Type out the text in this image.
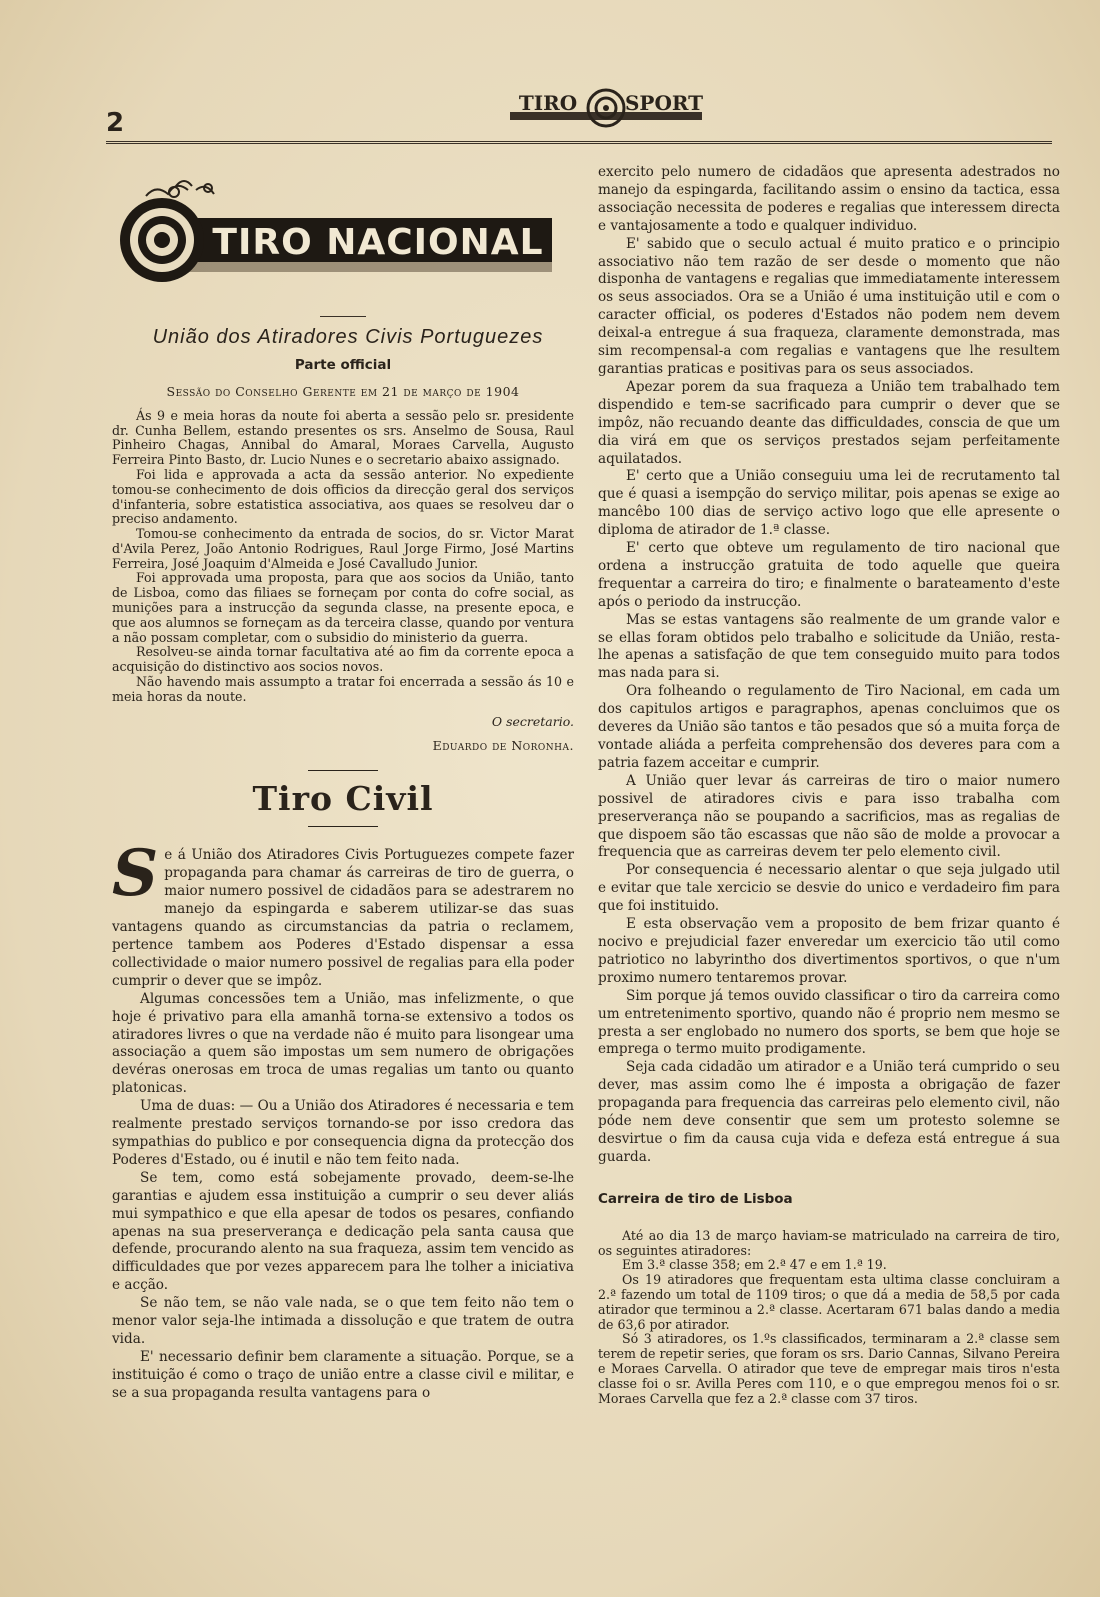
2
TIRO SPORT
TIRO NACIONAL
União dos Atiradores Civis Portuguezes
Parte official
Sessão do Conselho Gerente em 21 de março de 1904

Ás 9 e meia horas da noute foi aberta a sessão pelo sr. presidente dr. Cunha Bellem, estando presentes os srs. Anselmo de Sousa, Raul Pinheiro Chagas, Annibal do Amaral, Moraes Carvella, Augusto Ferreira Pinto Basto, dr. Lucio Nunes e o secretario abaixo assignado.

Foi lida e approvada a acta da sessão anterior. No expediente tomou-se conhecimento de dois officios da direcção geral dos serviços d'infanteria, sobre estatistica associativa, aos quaes se resolveu dar o preciso andamento.

Tomou-se conhecimento da entrada de socios, do sr. Victor Marat d'Avila Perez, João Antonio Rodrigues, Raul Jorge Firmo, José Martins Ferreira, José Joaquim d'Almeida e José Cavalludo Junior.

Foi approvada uma proposta, para que aos socios da União, tanto de Lisboa, como das filiaes se forneçam por conta do cofre social, as munições para a instrucção da segunda classe, na presente epoca, e que aos alumnos se forneçam as da terceira classe, quando por ventura a não possam completar, com o subsidio do ministerio da guerra.

Resolveu-se ainda tornar facultativa até ao fim da corrente epoca a acquisição do distinctivo aos socios novos.

Não havendo mais assumpto a tratar foi encerrada a sessão ás 10 e meia horas da noute.

O secretario.
Eduardo de Noronha.
Tiro Civil

Se á União dos Atiradores Civis Portuguezes compete fazer propaganda para chamar ás carreiras de tiro de guerra, o maior numero possivel de cidadãos para se adestrarem no manejo da espingarda e saberem utilizar-se das suas vantagens quando as circumstancias da patria o reclamem, pertence tambem aos Poderes d'Estado dispensar a essa collectividade o maior numero possivel de regalias para ella poder cumprir o dever que se impôz.

Algumas concessões tem a União, mas infelizmente, o que hoje é privativo para ella amanhã torna-se extensivo a todos os atiradores livres o que na verdade não é muito para lisongear uma associação a quem são impostas um sem numero de obrigações devéras onerosas em troca de umas regalias um tanto ou quanto platonicas.

Uma de duas: — Ou a União dos Atiradores é necessaria e tem realmente prestado serviços tornando-se por isso credora das sympathias do publico e por consequencia digna da protecção dos Poderes d'Estado, ou é inutil e não tem feito nada.

Se tem, como está sobejamente provado, deem-se-lhe garantias e ajudem essa instituição a cumprir o seu dever aliás mui sympathico e que ella apesar de todos os pesares, confiando apenas na sua preserverança e dedicação pela santa causa que defende, procurando alento na sua fraqueza, assim tem vencido as difficuldades que por vezes apparecem para lhe tolher a iniciativa e acção.

Se não tem, se não vale nada, se o que tem feito não tem o menor valor seja-lhe intimada a dissolução e que tratem de outra vida.

E' necessario definir bem claramente a situação. Porque, se a instituição é como o traço de união entre a classe civil e militar, e se a sua propaganda resulta vantagens para o

exercito pelo numero de cidadãos que apresenta adestrados no manejo da espingarda, facilitando assim o ensino da tactica, essa associação necessita de poderes e regalias que interessem directa e vantajosamente a todo e qualquer individuo.

E' sabido que o seculo actual é muito pratico e o principio associativo não tem razão de ser desde o momento que não disponha de vantagens e regalias que immediatamente interessem os seus associados. Ora se a União é uma instituição util e com o caracter official, os poderes d'Estados não podem nem devem deixal-a entregue á sua fraqueza, claramente demonstrada, mas sim recompensal-a com regalias e vantagens que lhe resultem garantias praticas e positivas para os seus associados.

Apezar porem da sua fraqueza a União tem trabalhado tem dispendido e tem-se sacrificado para cumprir o dever que se impôz, não recuando deante das difficuldades, conscia de que um dia virá em que os serviços prestados sejam perfeitamente aquilatados.

E' certo que a União conseguiu uma lei de recrutamento tal que é quasi a isempção do serviço militar, pois apenas se exige ao mancêbo 100 dias de serviço activo logo que elle apresente o diploma de atirador de 1.ª classe.

E' certo que obteve um regulamento de tiro nacional que ordena a instrucção gratuita de todo aquelle que queira frequentar a carreira do tiro; e finalmente o barateamento d'este após o periodo da instrucção.

Mas se estas vantagens são realmente de um grande valor e se ellas foram obtidos pelo trabalho e solicitude da União, resta-lhe apenas a satisfação de que tem conseguido muito para todos mas nada para si.

Ora folheando o regulamento de Tiro Nacional, em cada um dos capitulos artigos e paragraphos, apenas concluimos que os deveres da União são tantos e tão pesados que só a muita força de vontade aliáda a perfeita comprehensão dos deveres para com a patria fazem acceitar e cumprir.

A União quer levar ás carreiras de tiro o maior numero possivel de atiradores civis e para isso trabalha com preserverança não se poupando a sacrificios, mas as regalias de que dispoem são tão escassas que não são de molde a provocar a frequencia que as carreiras devem ter pelo elemento civil.

Por consequencia é necessario alentar o que seja julgado util e evitar que tale xercicio se desvie do unico e verdadeiro fim para que foi instituido.

E esta observação vem a proposito de bem frizar quanto é nocivo e prejudicial fazer enveredar um exercicio tão util como patriotico no labyrintho dos divertimentos sportivos, o que n'um proximo numero tentaremos provar.

Sim porque já temos ouvido classificar o tiro da carreira como um entretenimento sportivo, quando não é proprio nem mesmo se presta a ser englobado no numero dos sports, se bem que hoje se emprega o termo muito prodigamente.

Seja cada cidadão um atirador e a União terá cumprido o seu dever, mas assim como lhe é imposta a obrigação de fazer propaganda para frequencia das carreiras pelo elemento civil, não póde nem deve consentir que sem um protesto solemne se desvirtue o fim da causa cuja vida e defeza está entregue á sua guarda.

Carreira de tiro de Lisboa

Até ao dia 13 de março haviam-se matriculado na carreira de tiro, os seguintes atiradores:

Em 3.ª classe 358; em 2.ª 47 e em 1.ª 19.

Os 19 atiradores que frequentam esta ultima classe concluiram a 2.ª fazendo um total de 1109 tiros; o que dá a media de 58,5 por cada atirador que terminou a 2.ª classe. Acertaram 671 balas dando a media de 63,6 por atirador.

Só 3 atiradores, os 1.ºs classificados, terminaram a 2.ª classe sem terem de repetir series, que foram os srs. Dario Cannas, Silvano Pereira e Moraes Carvella. O atirador que teve de empregar mais tiros n'esta classe foi o sr. Avilla Peres com 110, e o que empregou menos foi o sr. Moraes Carvella que fez a 2.ª classe com 37 tiros.
